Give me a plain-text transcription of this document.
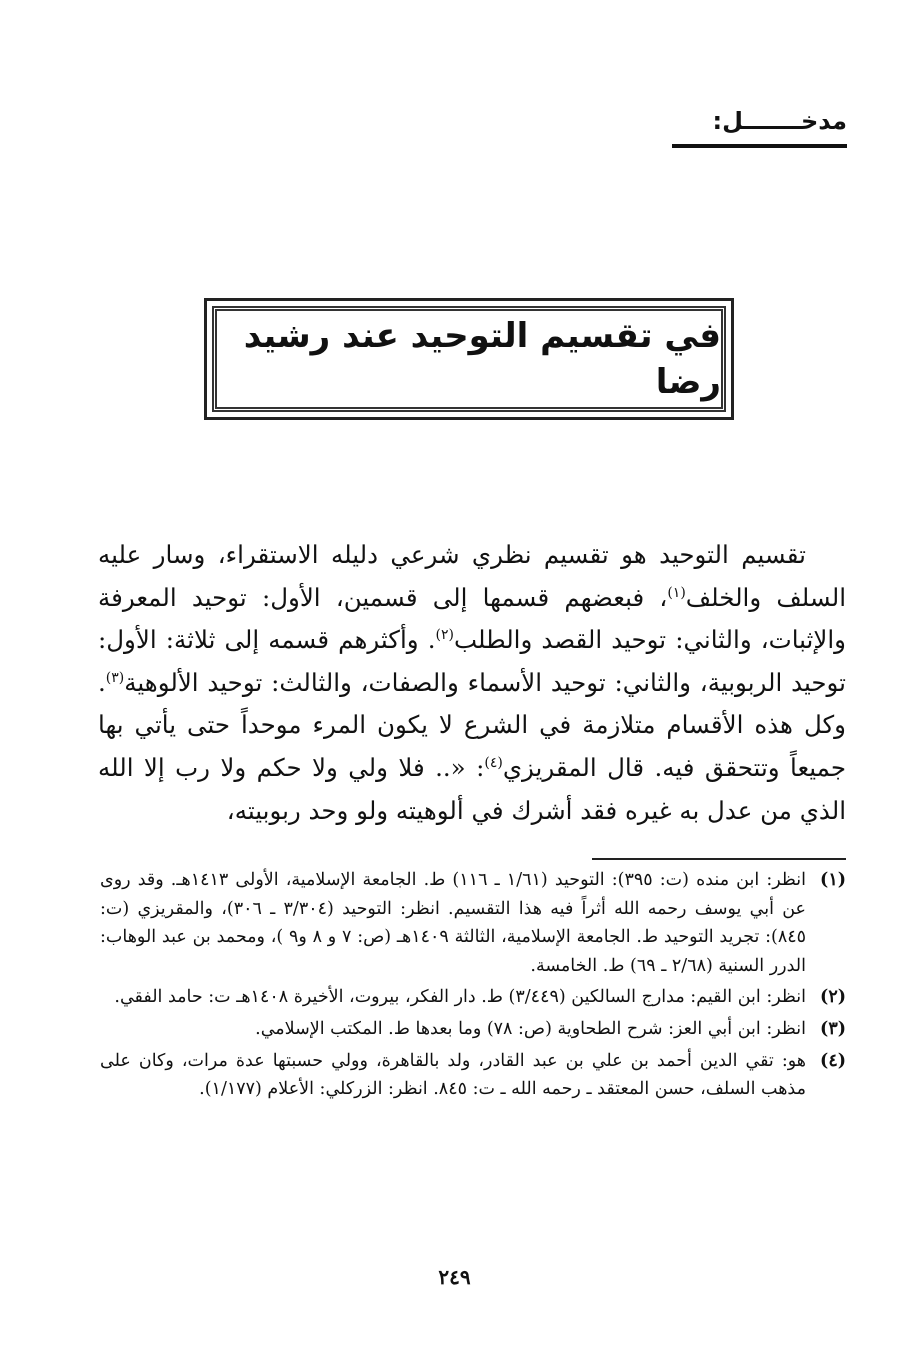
مدخـــــــل:
في تقسيم التوحيد عند رشيد رضا

تقسيم التوحيد هو تقسيم نظري شرعي دليله الاستقراء، وسار عليه السلف والخلف$^{(١)}$، فبعضهم قسمها إلى قسمين، الأول: توحيد المعرفة والإثبات، والثاني: توحيد القصد والطلب$^{(٢)}$. وأكثرهم قسمه إلى ثلاثة: الأول: توحيد الربوبية، والثاني: توحيد الأسماء والصفات، والثالث: توحيد الألوهية$^{(٣)}$. وكل هذه الأقسام متلازمة في الشرع لا يكون المرء موحداً حتى يأتي بها جميعاً وتتحقق فيه. قال المقريزي$^{(٤)}$: «.. فلا ولي ولا حكم ولا رب إلا الله الذي من عدل به غيره فقد أشرك في ألوهيته ولو وحد ربوبيته،

(١)
انظر: ابن منده (ت: ٣٩٥): التوحيد (١/٦١ ـ ١١٦) ط. الجامعة الإسلامية، الأولى ١٤١٣هـ. وقد روى عن أبي يوسف رحمه الله أثراً فيه هذا التقسيم. انظر: التوحيد (٣/٣٠٤ ـ ٣٠٦)، والمقريزي (ت: ٨٤٥): تجريد التوحيد ط. الجامعة الإسلامية، الثالثة ١٤٠٩هـ (ص: ٧ و ٨ و٩ )، ومحمد بن عبد الوهاب: الدرر السنية (٢/٦٨ ـ ٦٩) ط. الخامسة.
(٢)
انظر: ابن القيم: مدارج السالكين (٣/٤٤٩) ط. دار الفكر، بيروت، الأخيرة ١٤٠٨هـ ت: حامد الفقي.
(٣)
انظر: ابن أبي العز: شرح الطحاوية (ص: ٧٨) وما بعدها ط. المكتب الإسلامي.
(٤)
هو: تقي الدين أحمد بن علي بن عبد القادر، ولد بالقاهرة، وولي حسبتها عدة مرات، وكان على مذهب السلف، حسن المعتقد ـ رحمه الله ـ ت: ٨٤٥. انظر: الزركلي: الأعلام (١/١٧٧).
٢٤٩
